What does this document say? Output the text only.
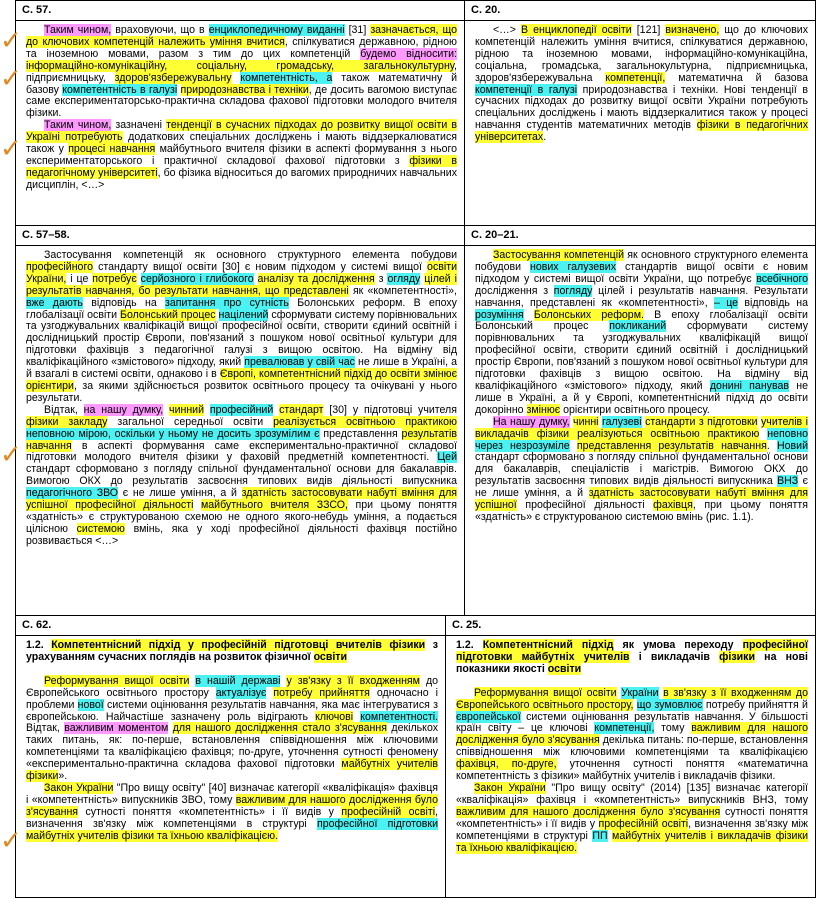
С. 57.

Таким чином, враховуючи, що в енциклопедичному виданні [31] зазначається, що до ключових компетенцій належить уміння вчитися, спілкуватися державною, рідною та іноземною мовами, разом з тим до цих компетенцій будемо відносити: інформаційно-комунікаційну, соціальну, громадську, загальнокультурну, підприємницьку, здоров'язбережувальну компетентність, а також математичну й базову компетентність в галузі природознавства і техніки, де досить вагомою виступає саме експериментаторсько-практична складова фахової підготовки молодого вчителя фізики.

Таким чином, зазначені тенденції в сучасних підходах до розвитку вищої освіти в Україні потребують додаткових спеціальних досліджень і мають віддзеркалюватися також у процесі навчання майбутнього вчителя фізики в аспекті формування з нього експериментаторського і практичної складової фахової підготовки з фізики в педагогічному університеті, бо фізика відноситься до вагомих природничих навчальних дисциплін, <…>

С. 20.

<…> В енциклопедії освіти [121] визначено, що до ключових компетенцій належить уміння вчитися, спілкуватися державною, рідною та іноземною мовами, інформаційно-комунікаційна, соціальна, громадська, загальнокультурна, підприємницька, здоров'язбережувальна компетенції, математична й базова компетенції в галузі природознавства і техніки. Нові тенденції в сучасних підходах до розвитку вищої освіти України потребують спеціальних досліджень і мають віддзеркалитися також у процесі навчання студентів математичних методів фізики в педагогічних університетах.

С. 57–58.

Застосування компетенцій як основного структурного елемента побудови професійного стандарту вищої освіти [30] є новим підходом у системі вищої освіти України, і це потребує серйозного і глибокого аналізу та дослідження з огляду цілей і результатів навчання, бо результати навчання, що представлені як «компетентності», вже дають відповідь на запитання про сутність Болонських реформ. В епоху глобалізації освіти Болонський процес націлений сформувати систему порівнювальних та узгоджувальних кваліфікацій вищої професійної освіти, створити єдиний освітній і дослідницький простір Європи, пов'язаний з пошуком нової освітньої культури для підготовки фахівців з педагогічної галузі з вищою освітою. На відміну від кваліфікаційного «змістового» підходу, який превалював у свій час не лише в Україні, а й взагалі в системі освіти, однаково і в Європі, компетентнісний підхід до освіти змінює орієнтири, за якими здійснюється розвиток освітнього процесу та очікувані у нього результати.

Відтак, на нашу думку, чинний професійний стандарт [30] у підготовці учителя фізики закладу загальної середньої освіти реалізується освітньою практикою неповною мірою, оскільки у ньому не досить зрозумілим є представлення результатів навчання в аспекті формування саме експериментально-практичної складової підготовки молодого вчителя фізики у фаховій предметній компетентності. Цей стандарт сформовано з погляду спільної фундаментальної основи для бакалаврів. Вимогою ОКХ до результатів засвоєння типових видів діяльності випускника педагогічного ЗВО є не лише уміння, а й здатність застосовувати набуті вміння для успішної професійної діяльності майбутнього вчителя ЗЗСО, при цьому поняття «здатність» є структурованою схемою не одного якого-небудь уміння, а подається цілісною системою вмінь, яка у ході професійної діяльності фахівця постійно розвивається <…>

С. 20–21.

Застосування компетенцій як основного структурного елемента побудови нових галузевих стандартів вищої освіти є новим підходом у системі вищої освіти України, що потребує всебічного дослідження з погляду цілей і результатів навчання. Результати навчання, представлені як «компетентності», – це відповідь на розуміння Болонських реформ. В епоху глобалізації освіти Болонський процес покликаний сформувати систему порівнювальних та узгоджувальних кваліфікацій вищої професійної освіти, створити єдиний освітній і дослідницький простір Європи, пов'язаний з пошуком нової освітньої культури для підготовки фахівців з вищою освітою. На відміну від кваліфікаційного «змістового» підходу, який донині панував не лише в Україні, а й у Європі, компетентнісний підхід до освіти докорінно змінює орієнтири освітнього процесу.

На нашу думку, чинні галузеві стандарти з підготовки учителів і викладачів фізики реалізуються освітньою практикою неповно через незрозуміле представлення результатів навчання. Новий стандарт сформовано з погляду спільної фундаментальної основи для бакалаврів, спеціалістів і магістрів. Вимогою ОКХ до результатів засвоєння типових видів діяльності випускника ВНЗ є не лише уміння, а й здатність застосовувати набуті вміння для успішної професійної діяльності фахівця, при цьому поняття «здатність» є структурованою системою вмінь (рис. 1.1).

С. 62.

1.2. Компетентнісний підхід у професійній підготовці вчителів фізики з урахуванням сучасних поглядів на розвиток фізичної освіти

Реформування вищої освіти в нашій державі у зв'язку з її входженням до Європейського освітнього простору актуалізує потребу прийняття одночасно і проблеми нової системи оцінювання результатів навчання, яка має інтегруватися з європейською. Найчастіше зазначену роль відіграють ключові компетентності. Відтак, важливим моментом для нашого дослідження стало з'ясування декількох таких питань, як: по-перше, встановлення співвідношення між ключовими компетенціями та кваліфікацією фахівця; по-друге, уточнення сутності феномену «експериментально-практична складова фахової підготовки майбутніх учителів фізики».

Закон України "Про вищу освіту" [40] визначає категорії «кваліфікація» фахівця і «компетентність» випускників ЗВО, тому важливим для нашого дослідження було з'ясування сутності поняття «компетентність» і її видів у професійній освіті, визначення зв'язку між компетенціями в структурі професійної підготовки майбутніх учителів фізики та їхньою кваліфікацією.

С. 25.

1.2. Компетентнісний підхід як умова переходу професійної підготовки майбутніх учителів і викладачів фізики на нові показники якості освіти

Реформування вищої освіти України в зв'язку з її входженням до Європейського освітнього простору, що зумовлює потребу прийняття й європейської системи оцінювання результатів навчання. У більшості країн світу – це ключові компетенції, тому важливим для нашого дослідження було з'ясування декілька питань: по-перше, встановлення співвідношення між ключовими компетенціями та кваліфікацією фахівця, по-друге, уточнення сутності поняття «математична компетентність з фізики» майбутніх учителів і викладачів фізики.

Закон України "Про вищу освіту" (2014) [135] визначає категорії «кваліфікація» фахівця і «компетентність» випускників ВНЗ, тому важливим для нашого дослідження було з'ясування сутності поняття «компетентність» і її видів у професійній освіті, визначення зв'язку між компетенціями в структурі ПП майбутніх учителів і викладачів фізики та їхньою кваліфікацією.

✓
✓
✓
✓
✓
